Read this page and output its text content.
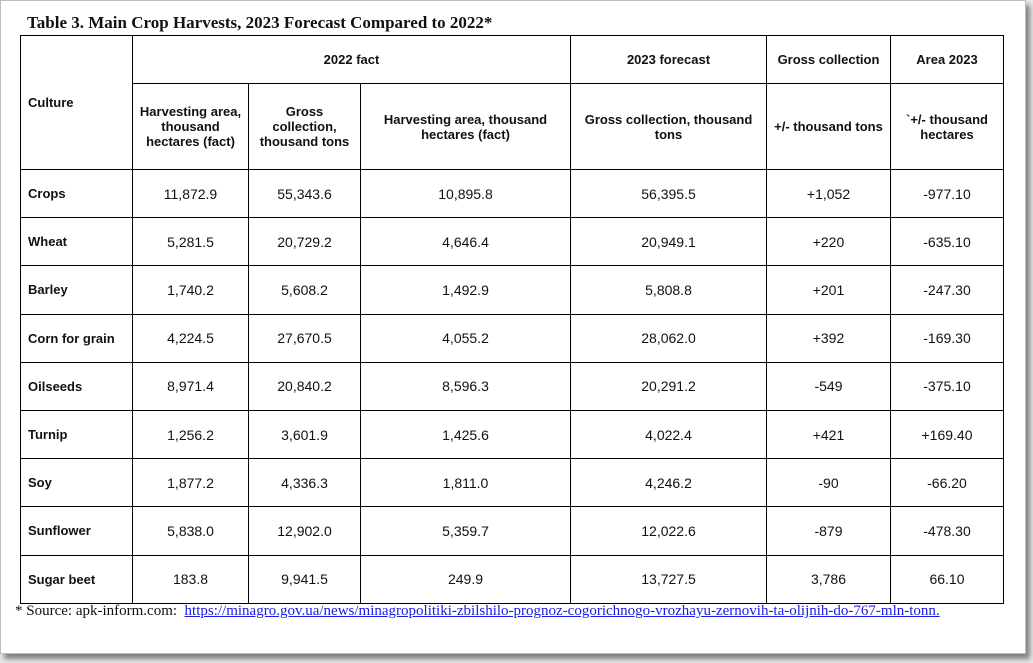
Table 3. Main Crop Harvests, 2023 Forecast Compared to 2022*
Culture	2022 fact			2023 forecast	Gross collection	Area 2023
	Harvesting area, thousand hectares (fact)	Gross collection, thousand tons	Harvesting area, thousand hectares (fact)	Gross collection, thousand tons	+/- thousand tons	`+/- thousand hectares
Crops	11,872.9	55,343.6	10,895.8	56,395.5	+1,052	-977.10
Wheat	5,281.5	20,729.2	4,646.4	20,949.1	+220	-635.10
Barley	1,740.2	5,608.2	1,492.9	5,808.8	+201	-247.30
Corn for grain	4,224.5	27,670.5	4,055.2	28,062.0	+392	-169.30
Oilseeds	8,971.4	20,840.2	8,596.3	20,291.2	-549	-375.10
Turnip	1,256.2	3,601.9	1,425.6	4,022.4	+421	+169.40
Soy	1,877.2	4,336.3	1,811.0	4,246.2	-90	-66.20
Sunflower	5,838.0	12,902.0	5,359.7	12,022.6	-879	-478.30
Sugar beet	183.8	9,941.5	249.9	13,727.5	3,786	66.10
* Source: apk-inform.com: https://minagro.gov.ua/news/minagropolitiki-zbilshilo-prognoz-cogorichnogo-vrozhayu-zernovih-ta-olijnih-do-767-mln-tonn.
